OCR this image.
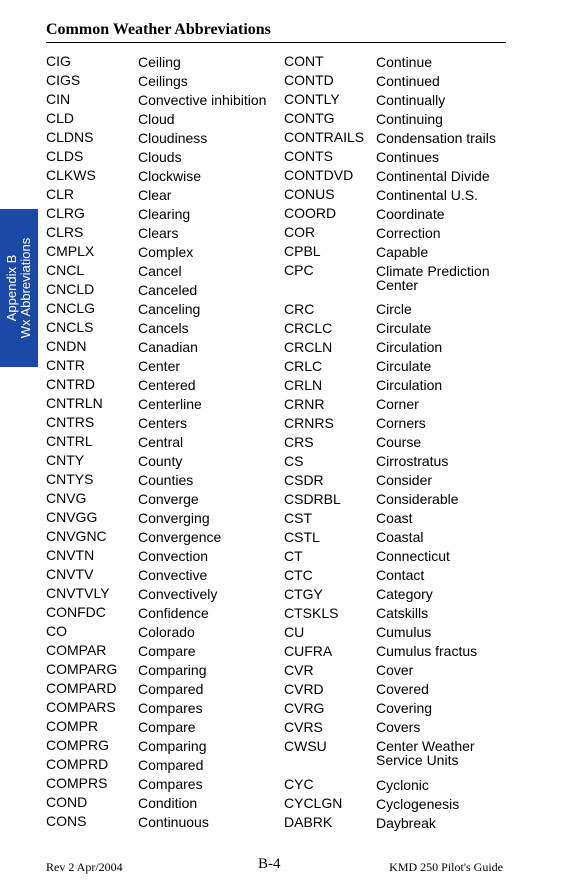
Common Weather Abbreviations
Appendix B Wx Abbreviations
CIG	Ceiling
CIGS	Ceilings
CIN	Convective inhibition
CLD	Cloud
CLDNS	Cloudiness
CLDS	Clouds
CLKWS	Clockwise
CLR	Clear
CLRG	Clearing
CLRS	Clears
CMPLX	Complex
CNCL	Cancel
CNCLD	Canceled
CNCLG	Canceling
CNCLS	Cancels
CNDN	Canadian
CNTR	Center
CNTRD	Centered
CNTRLN	Centerline
CNTRS	Centers
CNTRL	Central
CNTY	County
CNTYS	Counties
CNVG	Converge
CNVGG	Converging
CNVGNC	Convergence
CNVTN	Convection
CNVTV	Convective
CNVTVLY	Convectively
CONFDC	Confidence
CO	Colorado
COMPAR	Compare
COMPARG	Comparing
COMPARD	Compared
COMPARS	Compares
COMPR	Compare
COMPRG	Comparing
COMPRD	Compared
COMPRS	Compares
COND	Condition
CONS	Continuous
CONT	Continue
CONTD	Continued
CONTLY	Continually
CONTG	Continuing
CONTRAILS Condensation trails
CONTS	Continues
CONTDVD	Continental Divide
CONUS	Continental U.S.
COORD	Coordinate
COR	Correction
CPBL	Capable
CPC	Climate Prediction
Center
CRC	Circle
CRCLC	Circulate
CRCLN	Circulation
CRLC	Circulate
CRLN	Circulation
CRNR	Corner
CRNRS	Corners
CRS	Course
CS	Cirrostratus
CSDR	Consider
CSDRBL	Considerable
CST	Coast
CSTL	Coastal
CT	Connecticut
CTC	Contact
CTGY	Category
CTSKLS	Catskills
CU	Cumulus
CUFRA	Cumulus fractus
CVR	Cover
CVRD	Covered
CVRG	Covering
CVRS	Covers
CWSU	Center Weather
Service Units
CYC	Cyclonic
CYCLGN	Cyclogenesis
DABRK	Daybreak
Rev 2 Apr/2004	B-4	KMD 250 Pilot's Guide
